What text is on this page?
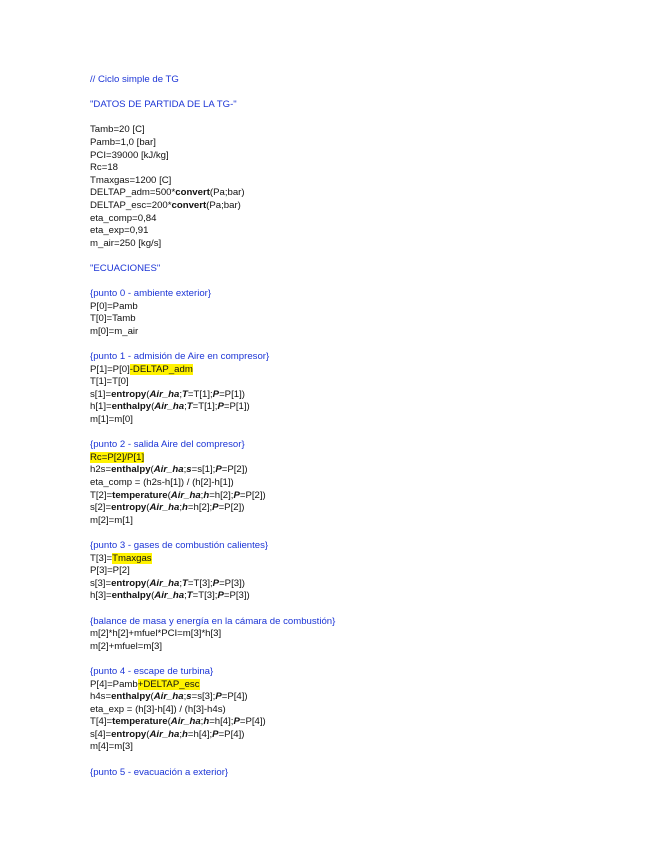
// Ciclo simple de TG
"DATOS DE PARTIDA DE LA TG-"
Tamb=20 [C]
Pamb=1,0 [bar]
PCI=39000 [kJ/kg]
Rc=18
Tmaxgas=1200 [C]
DELTAP_adm=500*convert(Pa;bar)
DELTAP_esc=200*convert(Pa;bar)
eta_comp=0,84
eta_exp=0,91
m_air=250 [kg/s]
"ECUACIONES"
{punto 0 - ambiente exterior}
P[0]=Pamb
T[0]=Tamb
m[0]=m_air
{punto 1 - admisión de Aire en compresor}
P[1]=P[0]-DELTAP_adm
T[1]=T[0]
s[1]=entropy(Air_ha;T=T[1];P=P[1])
h[1]=enthalpy(Air_ha;T=T[1];P=P[1])
m[1]=m[0]
{punto 2 - salida Aire del compresor}
Rc=P[2]/P[1]
h2s=enthalpy(Air_ha;s=s[1];P=P[2])
eta_comp = (h2s-h[1]) / (h[2]-h[1])
T[2]=temperature(Air_ha;h=h[2];P=P[2])
s[2]=entropy(Air_ha;h=h[2];P=P[2])
m[2]=m[1]
{punto 3 - gases de combustión calientes}
T[3]=Tmaxgas
P[3]=P[2]
s[3]=entropy(Air_ha;T=T[3];P=P[3])
h[3]=enthalpy(Air_ha;T=T[3];P=P[3])
{balance de masa y energía en la cámara de combustión}
m[2]*h[2]+mfuel*PCI=m[3]*h[3]
m[2]+mfuel=m[3]
{punto 4 - escape de turbina}
P[4]=Pamb+DELTAP_esc
h4s=enthalpy(Air_ha;s=s[3];P=P[4])
eta_exp = (h[3]-h[4]) / (h[3]-h4s)
T[4]=temperature(Air_ha;h=h[4];P=P[4])
s[4]=entropy(Air_ha;h=h[4];P=P[4])
m[4]=m[3]
{punto 5 - evacuación a exterior}
